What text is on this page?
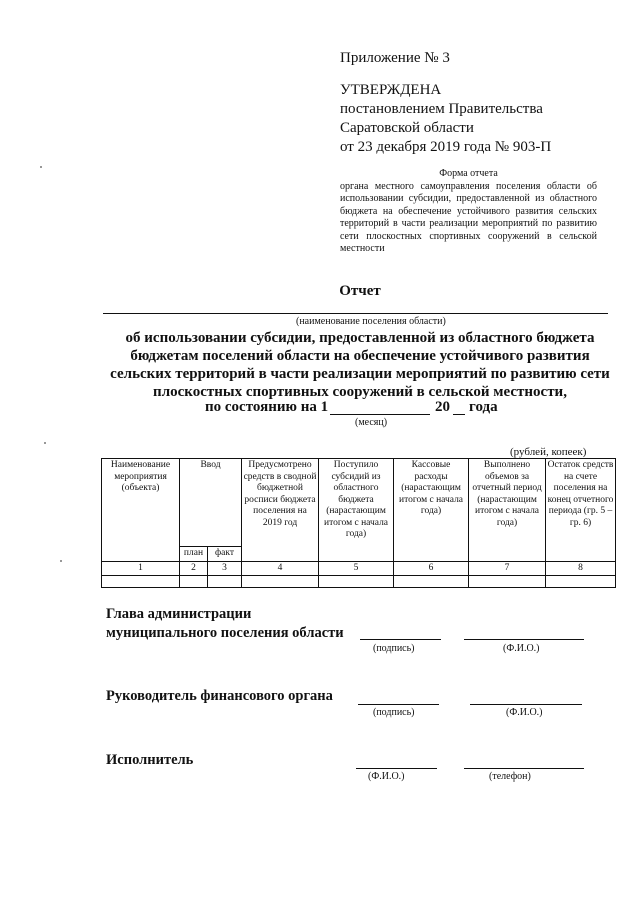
Приложение № 3
УТВЕРЖДЕНА
постановлением Правительства
Саратовской области
от 23 декабря 2019 года № 903-П
Форма отчета
органа местного самоуправления поселения области об использовании субсидии, предоставленной из областного бюджета на обеспечение устойчивого развития сельских территорий в части реализации мероприятий по развитию сети плоскостных спортивных сооружений в сельской местности
Отчет
(наименование поселения области)
об использовании субсидии, предоставленной из областного бюджета
бюджетам поселений области на обеспечение устойчивого развития
сельских территорий в части реализации мероприятий по развитию сети
плоскостных спортивных сооружений в сельской местности,
по состоянию на 1	20 года
(месяц)
(рублей, копеек)
Наименование мероприятия (объекта)	Ввод		Предусмотрено средств в сводной бюджетной росписи бюджета поселения на 2019 год	Поступило субсидий из областного бюджета (нарастающим итогом с начала года)	Кассовые расходы (нарастающим итогом с начала года)	Выполнено объемов за отчетный период (нарастающим итогом с начала года)	Остаток средств на счете поселения на конец отчетного периода (гр. 5 – гр. 6)
	план	факт					
1	2	3	4	5	6	7	8

Глава администрации
муниципального поселения области
(подпись)	(Ф.И.О.)
Руководитель финансового органа
(подпись)	(Ф.И.О.)
Исполнитель
(Ф.И.О.)	(телефон)
